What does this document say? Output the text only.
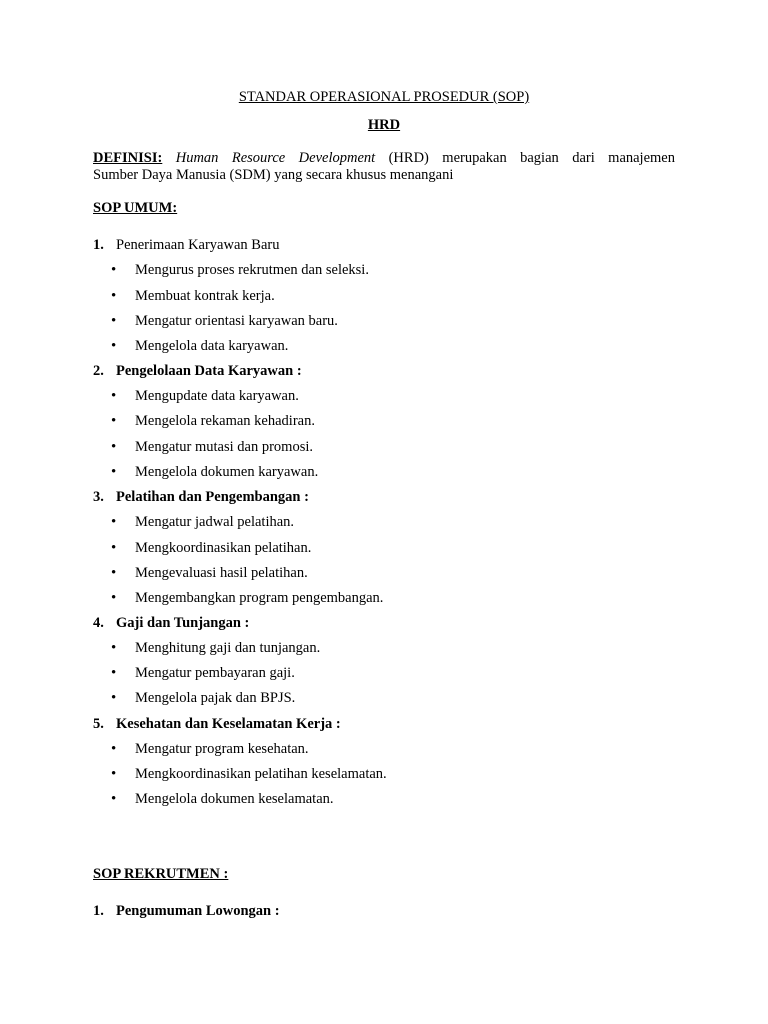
STANDAR OPERASIONAL PROSEDUR (SOP)
HRD
DEFINISI: Human Resource Development (HRD) merupakan bagian dari manajemen
Sumber Daya Manusia (SDM) yang secara khusus menangani
SOP UMUM:
1. Penerimaan Karyawan Baru
• Mengurus proses rekrutmen dan seleksi.
• Membuat kontrak kerja.
• Mengatur orientasi karyawan baru.
• Mengelola data karyawan.
2. Pengelolaan Data Karyawan :
• Mengupdate data karyawan.
• Mengelola rekaman kehadiran.
• Mengatur mutasi dan promosi.
• Mengelola dokumen karyawan.
3. Pelatihan dan Pengembangan :
• Mengatur jadwal pelatihan.
• Mengkoordinasikan pelatihan.
• Mengevaluasi hasil pelatihan.
• Mengembangkan program pengembangan.
4. Gaji dan Tunjangan :
• Menghitung gaji dan tunjangan.
• Mengatur pembayaran gaji.
• Mengelola pajak dan BPJS.
5. Kesehatan dan Keselamatan Kerja :
• Mengatur program kesehatan.
• Mengkoordinasikan pelatihan keselamatan.
• Mengelola dokumen keselamatan.
SOP REKRUTMEN :
1. Pengumuman Lowongan :
